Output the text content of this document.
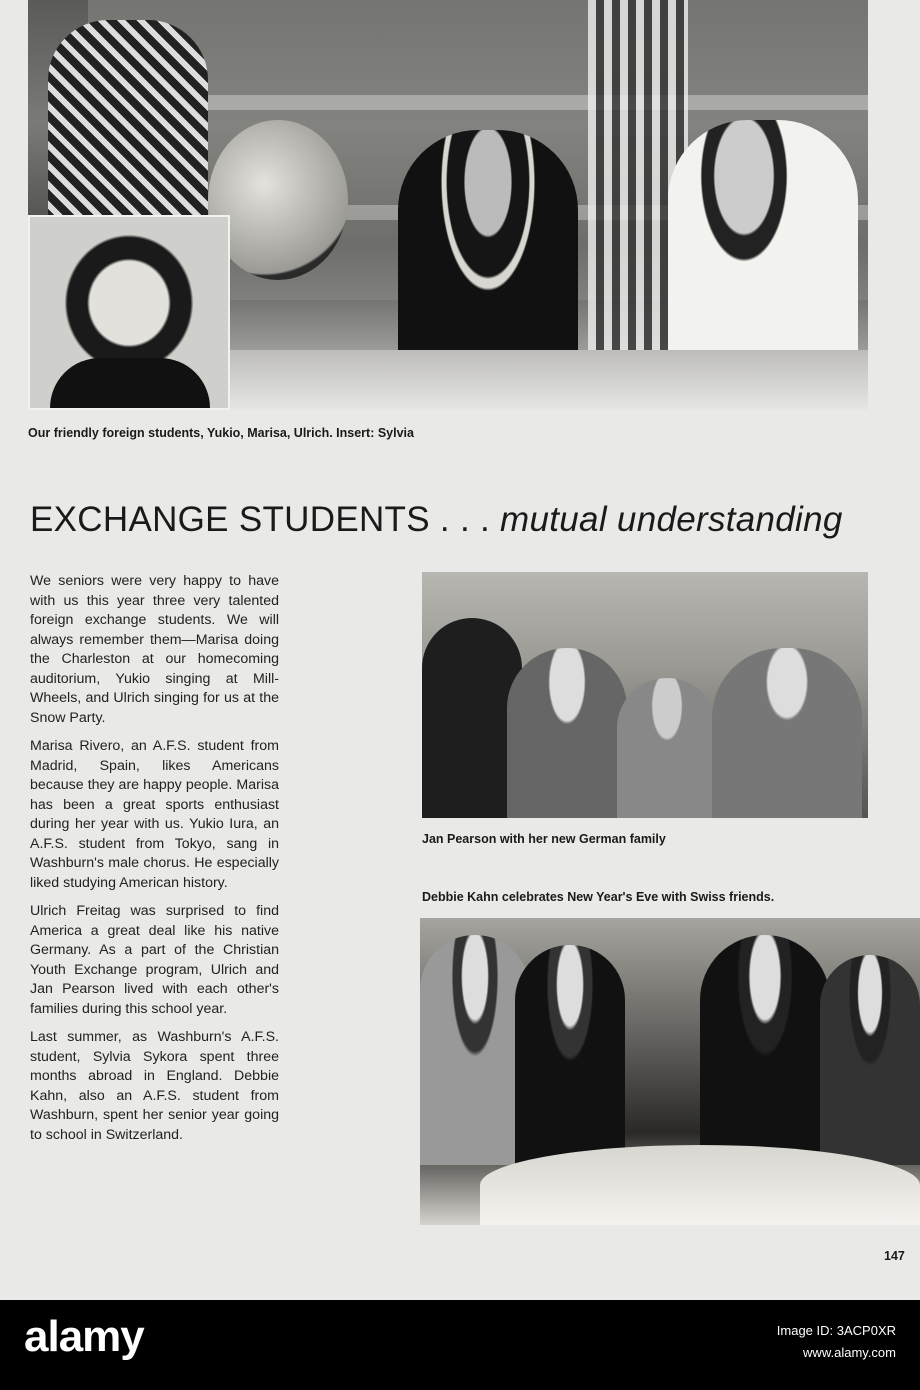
Our friendly foreign students, Yukio, Marisa, Ulrich. Insert: Sylvia
EXCHANGE STUDENTS . . . mutual understanding

We seniors were very happy to have with us this year three very talented foreign exchange students. We will always remember them—Marisa doing the Charleston at our homecoming auditorium, Yukio singing at Mill-Wheels, and Ulrich singing for us at the Snow Party.

Marisa Rivero, an A.F.S. student from Madrid, Spain, likes Americans because they are happy people. Marisa has been a great sports enthusiast during her year with us. Yukio Iura, an A.F.S. student from Tokyo, sang in Washburn's male chorus. He especially liked studying American history.

Ulrich Freitag was surprised to find America a great deal like his native Germany. As a part of the Christian Youth Exchange program, Ulrich and Jan Pearson lived with each other's families during this school year.

Last summer, as Washburn's A.F.S. student, Sylvia Sykora spent three months abroad in England. Debbie Kahn, also an A.F.S. student from Washburn, spent her senior year going to school in Switzerland.

Jan Pearson with her new German family
Debbie Kahn celebrates New Year's Eve with Swiss friends.
147
alamy	Image ID: 3ACP0XR
www.alamy.com
